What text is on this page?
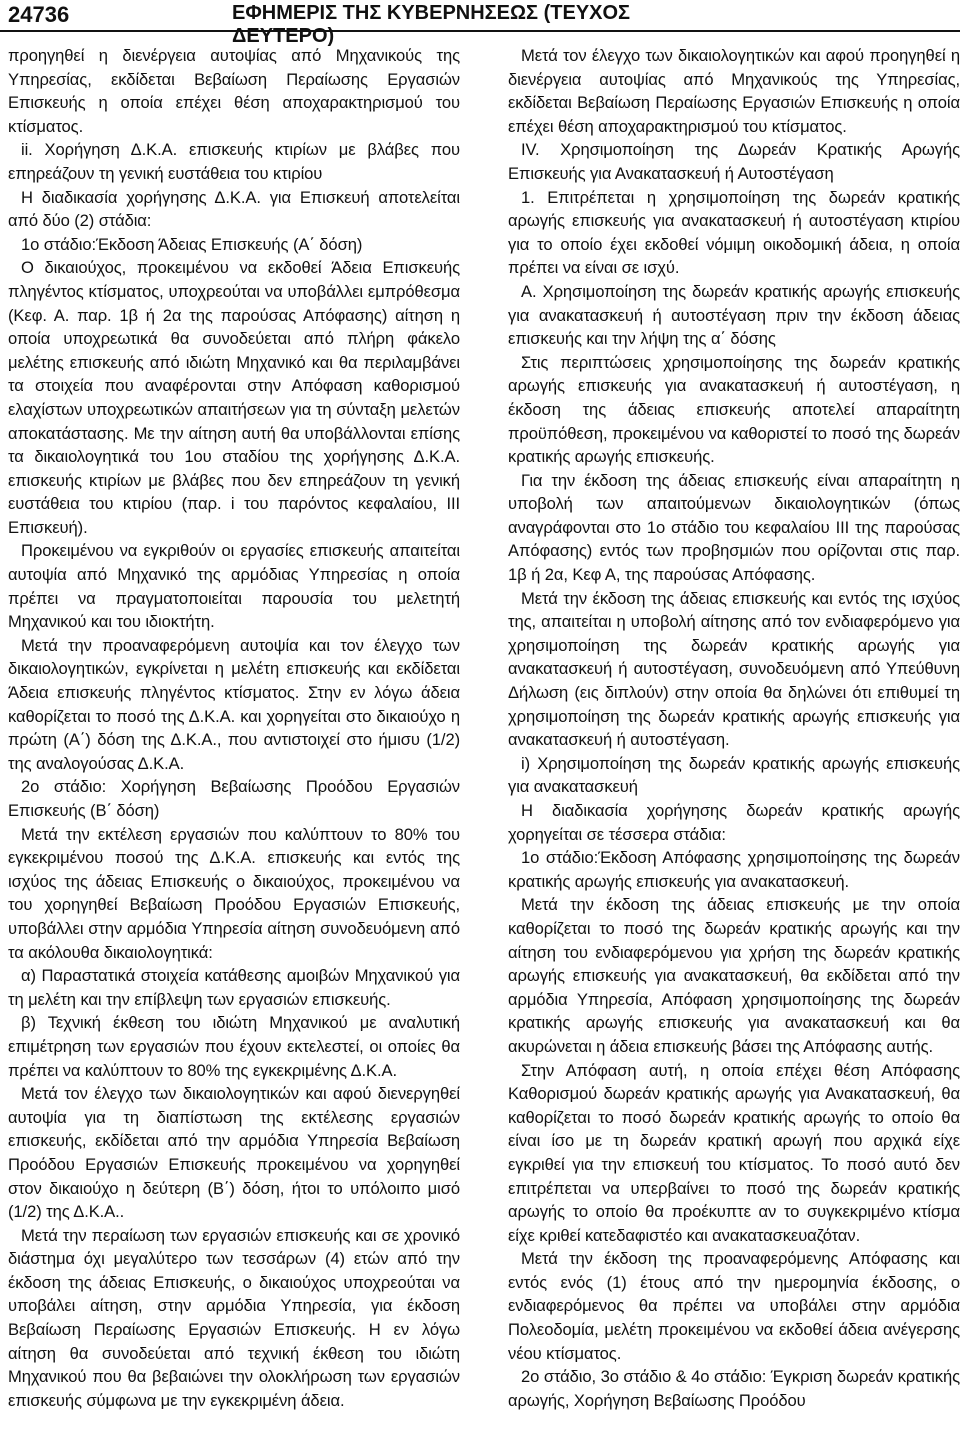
24736	ΕΦΗΜΕΡΙΣ ΤΗΣ ΚΥΒΕΡΝΗΣΕΩΣ (ΤΕΥΧΟΣ ΔΕΥΤΕΡΟ)

προηγηθεί η διενέργεια αυτοψίας από Μηχανικούς της Υπηρεσίας, εκδίδεται Βεβαίωση Περαίωσης Εργασιών Επισκευής η οποία επέχει θέση αποχαρακτηρισμού του κτίσματος.

ii. Χορήγηση Δ.Κ.Α. επισκευής κτιρίων με βλάβες που επηρεάζουν τη γενική ευστάθεια του κτιρίου

Η διαδικασία χορήγησης Δ.Κ.Α. για Επισκευή αποτελείται από δύο (2) στάδια:

1ο στάδιο:Έκδοση Άδειας Επισκευής (Α΄ δόση)

Ο δικαιούχος, προκειμένου να εκδοθεί Άδεια Επισκευής πληγέντος κτίσματος, υποχρεούται να υποβάλλει εμπρόθεσμα (Κεφ. Α. παρ. 1β ή 2α της παρούσας Απόφασης) αίτηση η οποία υποχρεωτικά θα συνοδεύεται από πλήρη φάκελο μελέτης επισκευής από ιδιώτη Μηχανικό και θα περιλαμβάνει τα στοιχεία που αναφέρονται στην Απόφαση καθορισμού ελαχίστων υποχρεωτικών απαιτήσεων για τη σύνταξη μελετών αποκατάστασης. Με την αίτηση αυτή θα υποβάλλονται επίσης τα δικαιολογητικά του 1ου σταδίου της χορήγησης Δ.Κ.Α. επισκευής κτιρίων με βλάβες που δεν επηρεάζουν τη γενική ευστάθεια του κτιρίου (παρ. i του παρόντος κεφαλαίου, III Επισκευή).

Προκειμένου να εγκριθούν οι εργασίες επισκευής απαιτείται αυτοψία από Μηχανικό της αρμόδιας Υπηρεσίας η οποία πρέπει να πραγματοποιείται παρουσία του μελετητή Μηχανικού και του ιδιοκτήτη.

Μετά την προαναφερόμενη αυτοψία και τον έλεγχο των δικαιολογητικών, εγκρίνεται η μελέτη επισκευής και εκδίδεται Άδεια επισκευής πληγέντος κτίσματος. Στην εν λόγω άδεια καθορίζεται το ποσό της Δ.Κ.Α. και χορηγείται στο δικαιούχο η πρώτη (Α΄) δόση της Δ.Κ.Α., που αντιστοιχεί στο ήμισυ (1/2) της αναλογούσας Δ.Κ.Α.

2ο στάδιο: Χορήγηση Βεβαίωσης Προόδου Εργασιών Επισκευής (Β΄ δόση)

Μετά την εκτέλεση εργασιών που καλύπτουν το 80% του εγκεκριμένου ποσού της Δ.Κ.Α. επισκευής και εντός της ισχύος της άδειας Επισκευής ο δικαιούχος, προκειμένου να του χορηγηθεί Βεβαίωση Προόδου Εργασιών Επισκευής, υποβάλλει στην αρμόδια Υπηρεσία αίτηση συνοδευόμενη από τα ακόλουθα δικαιολογητικά:

α) Παραστατικά στοιχεία κατάθεσης αμοιβών Μηχανικού για τη μελέτη και την επίβλεψη των εργασιών επισκευής.

β) Τεχνική έκθεση του ιδιώτη Μηχανικού με αναλυτική επιμέτρηση των εργασιών που έχουν εκτελεστεί, οι οποίες θα πρέπει να καλύπτουν το 80% της εγκεκριμένης Δ.Κ.Α.

Μετά τον έλεγχο των δικαιολογητικών και αφού διενεργηθεί αυτοψία για τη διαπίστωση της εκτέλεσης εργασιών επισκευής, εκδίδεται από την αρμόδια Υπηρεσία Βεβαίωση Προόδου Εργασιών Επισκευής προκειμένου να χορηγηθεί στον δικαιούχο η δεύτερη (Β΄) δόση, ήτοι το υπόλοιπο μισό (1/2) της Δ.Κ.Α..

Μετά την περαίωση των εργασιών επισκευής και σε χρονικό διάστημα όχι μεγαλύτερο των τεσσάρων (4) ετών από την έκδοση της άδειας Επισκευής, ο δικαιούχος υποχρεούται να υποβάλει αίτηση, στην αρμόδια Υπηρεσία, για έκδοση Βεβαίωση Περαίωσης Εργασιών Επισκευής. Η εν λόγω αίτηση θα συνοδεύεται από τεχνική έκθεση του ιδιώτη Μηχανικού που θα βεβαιώνει την ολοκλήρωση των εργασιών επισκευής σύμφωνα με την εγκεκριμένη άδεια.

Μετά τον έλεγχο των δικαιολογητικών και αφού προηγηθεί η διενέργεια αυτοψίας από Μηχανικούς της Υπηρεσίας, εκδίδεται Βεβαίωση Περαίωσης Εργασιών Επισκευής η οποία επέχει θέση αποχαρακτηρισμού του κτίσματος.

IV. Χρησιμοποίηση της Δωρεάν Κρατικής Αρωγής Επισκευής για Ανακατασκευή ή Αυτοστέγαση

1. Επιτρέπεται η χρησιμοποίηση της δωρεάν κρατικής αρωγής επισκευής για ανακατασκευή ή αυτοστέγαση κτιρίου για το οποίο έχει εκδοθεί νόμιμη οικοδομική άδεια, η οποία πρέπει να είναι σε ισχύ.

Α. Χρησιμοποίηση της δωρεάν κρατικής αρωγής επισκευής για ανακατασκευή ή αυτοστέγαση πριν την έκδοση άδειας επισκευής και την λήψη της α΄ δόσης

Στις περιπτώσεις χρησιμοποίησης της δωρεάν κρατικής αρωγής επισκευής για ανακατασκευή ή αυτοστέγαση, η έκδοση της άδειας επισκευής αποτελεί απαραίτητη προϋπόθεση, προκειμένου να καθοριστεί το ποσό της δωρεάν κρατικής αρωγής επισκευής.

Για την έκδοση της άδειας επισκευής είναι απαραίτητη η υποβολή των απαιτούμενων δικαιολογητικών (όπως αναγράφονται στο 1ο στάδιο του κεφαλαίου III της παρούσας Απόφασης) εντός των προβησμιών που ορίζονται στις παρ. 1β ή 2α, Κεφ Α, της παρούσας Απόφασης.

Μετά την έκδοση της άδειας επισκευής και εντός της ισχύος της, απαιτείται η υποβολή αίτησης από τον ενδιαφερόμενο για χρησιμοποίηση της δωρεάν κρατικής αρωγής για ανακατασκευή ή αυτοστέγαση, συνοδευόμενη από Υπεύθυνη Δήλωση (εις διπλούν) στην οποία θα δηλώνει ότι επιθυμεί τη χρησιμοποίηση της δωρεάν κρατικής αρωγής επισκευής για ανακατασκευή ή αυτοστέγαση.

i) Χρησιμοποίηση της δωρεάν κρατικής αρωγής επισκευής για ανακατασκευή

Η διαδικασία χορήγησης δωρεάν κρατικής αρωγής χορηγείται σε τέσσερα στάδια:

1ο στάδιο:Έκδοση Απόφασης χρησιμοποίησης της δωρεάν κρατικής αρωγής επισκευής για ανακατασκευή.

Μετά την έκδοση της άδειας επισκευής με την οποία καθορίζεται το ποσό της δωρεάν κρατικής αρωγής και την αίτηση του ενδιαφερόμενου για χρήση της δωρεάν κρατικής αρωγής επισκευής για ανακατασκευή, θα εκδίδεται από την αρμόδια Υπηρεσία, Απόφαση χρησιμοποίησης της δωρεάν κρατικής αρωγής επισκευής για ανακατασκευή και θα ακυρώνεται η άδεια επισκευής βάσει της Απόφασης αυτής.

Στην Απόφαση αυτή, η οποία επέχει θέση Απόφασης Καθορισμού δωρεάν κρατικής αρωγής για Ανακατασκευή, θα καθορίζεται το ποσό δωρεάν κρατικής αρωγής το οποίο θα είναι ίσο με τη δωρεάν κρατική αρωγή που αρχικά είχε εγκριθεί για την επισκευή του κτίσματος. Το ποσό αυτό δεν επιτρέπεται να υπερβαίνει το ποσό της δωρεάν κρατικής αρωγής το οποίο θα προέκυπτε αν το συγκεκριμένο κτίσμα είχε κριθεί κατεδαφιστέο και ανακατασκευαζόταν.

Μετά την έκδοση της προαναφερόμενης Απόφασης και εντός ενός (1) έτους από την ημερομηνία έκδοσης, ο ενδιαφερόμενος θα πρέπει να υποβάλει στην αρμόδια Πολεοδομία, μελέτη προκειμένου να εκδοθεί άδεια ανέγερσης νέου κτίσματος.

2ο στάδιο, 3ο στάδιο & 4ο στάδιο: Έγκριση δωρεάν κρατικής αρωγής, Χορήγηση Βεβαίωσης Προόδου
